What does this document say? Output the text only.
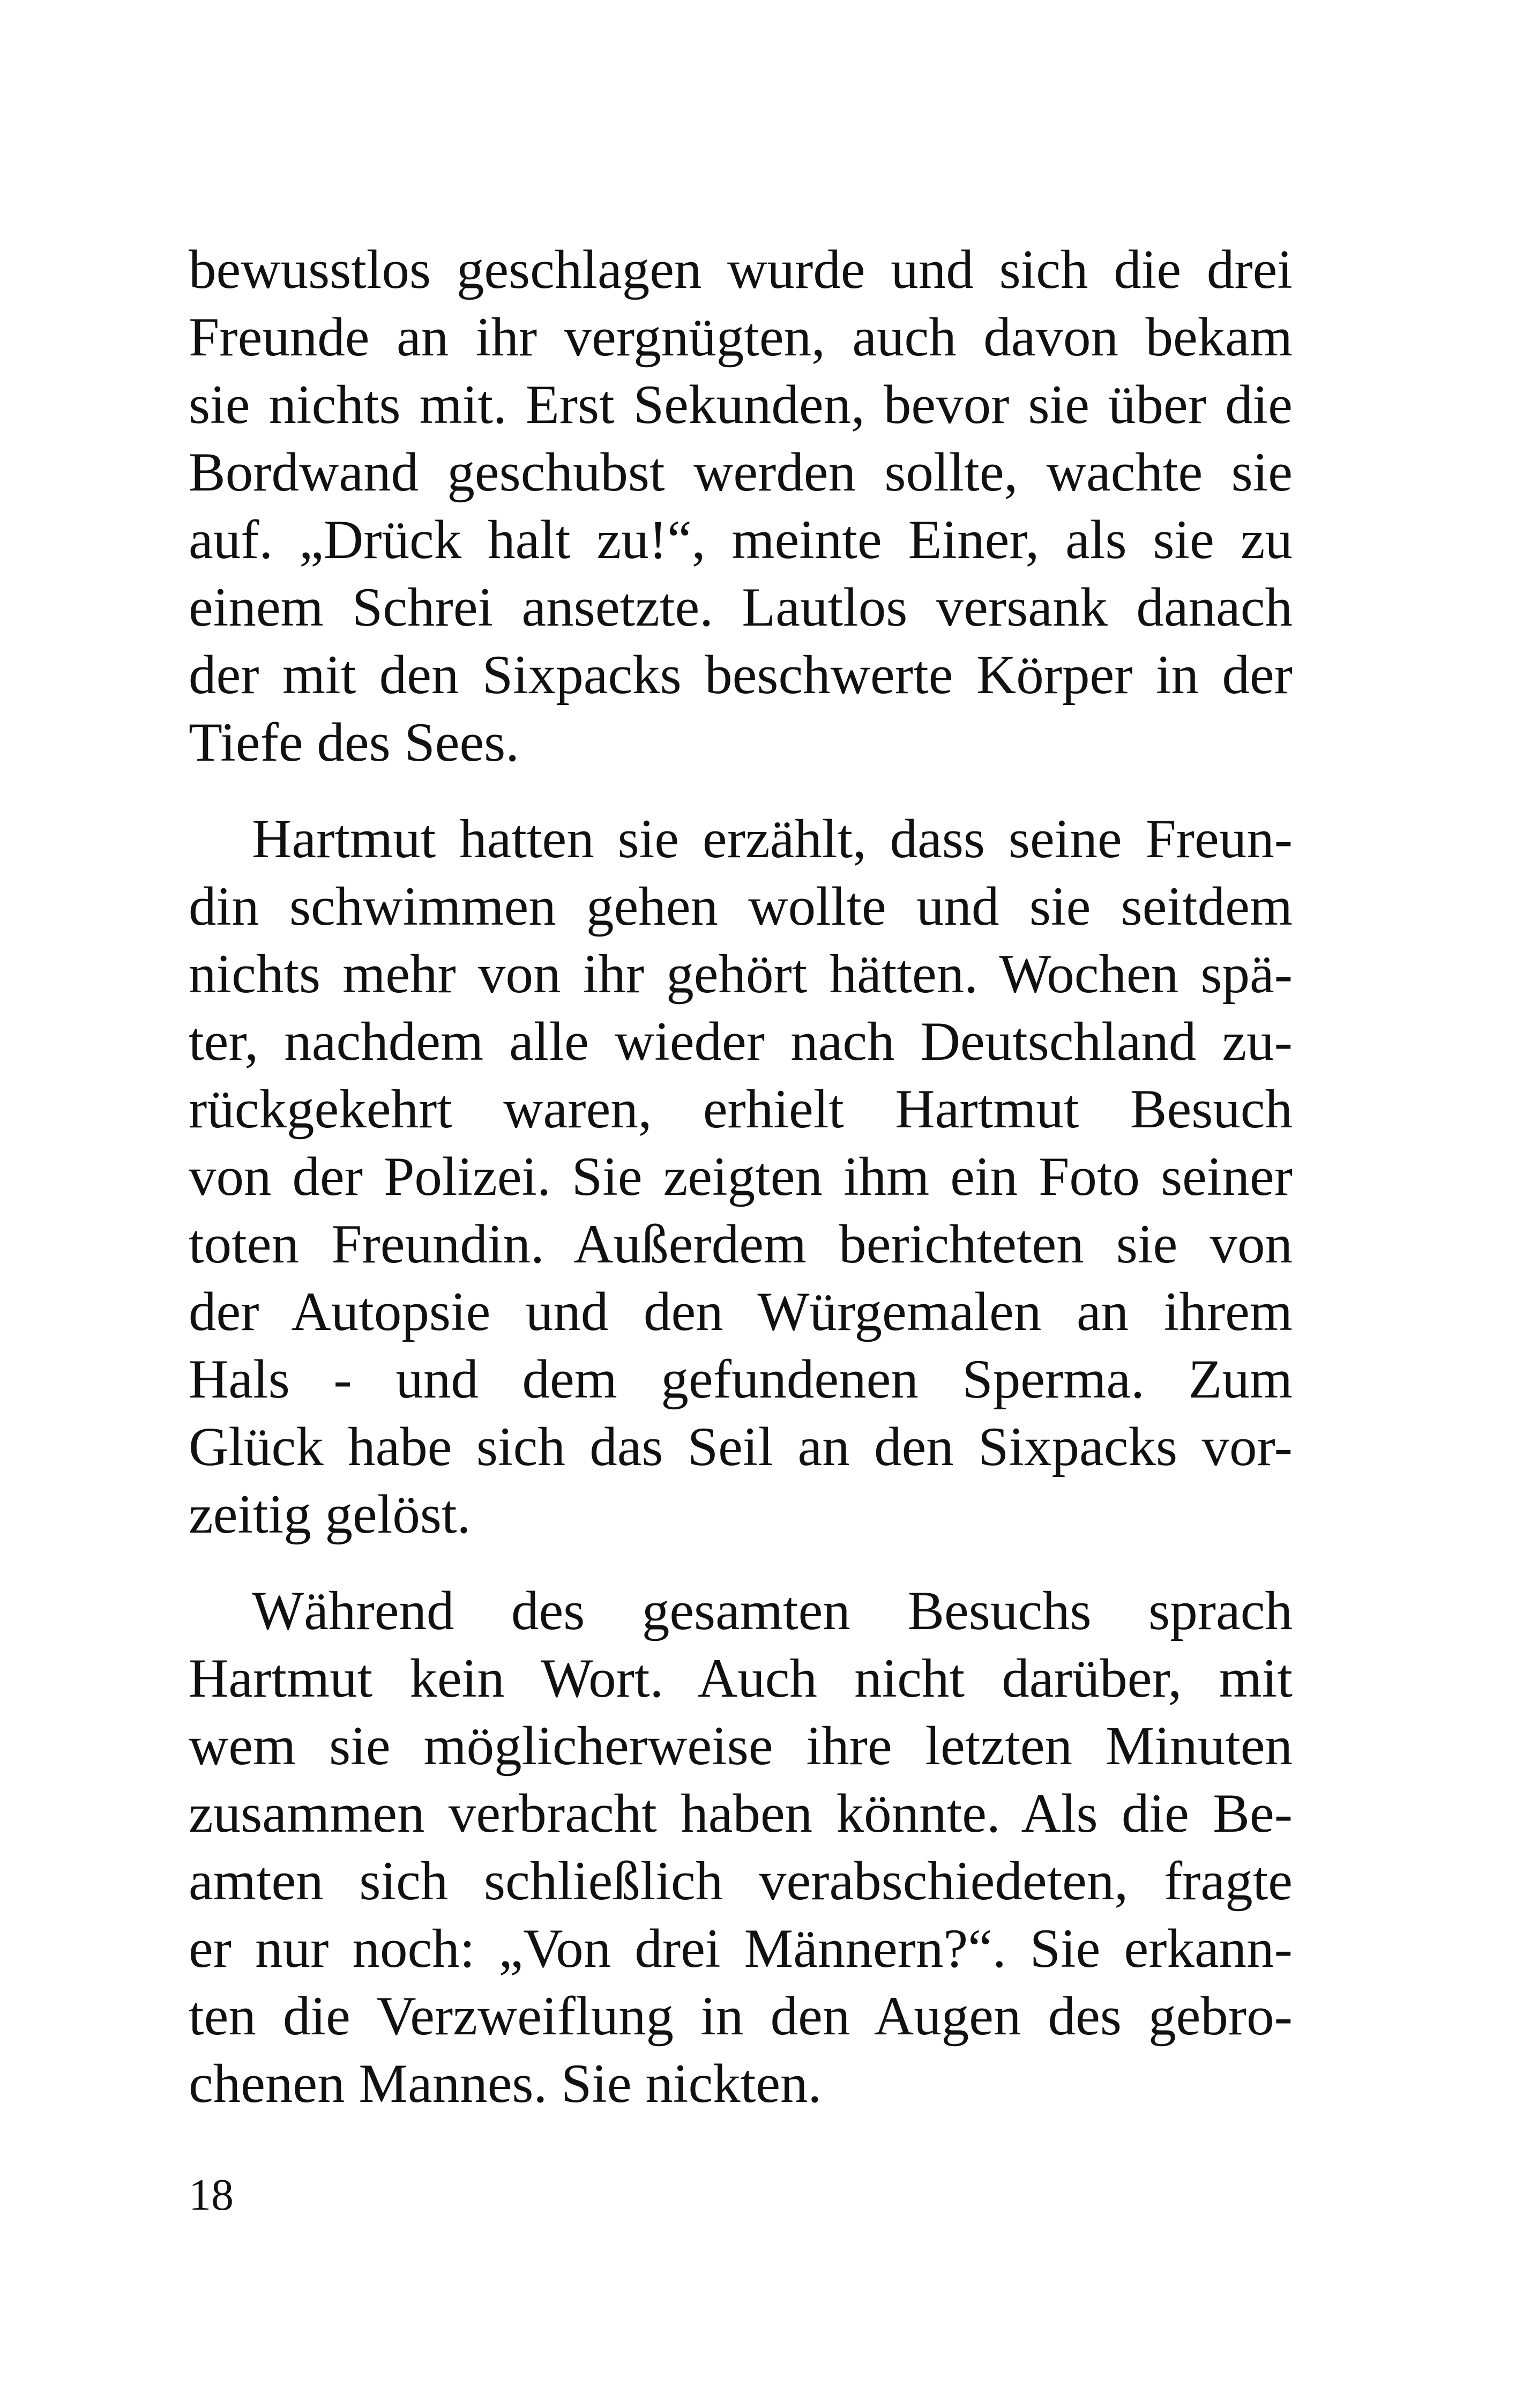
bewusstlos geschlagen wurde und sich die drei
Freunde an ihr vergnügten, auch davon bekam
sie nichts mit. Erst Sekunden, bevor sie über die
Bordwand geschubst werden sollte, wachte sie
auf. „Drück halt zu!“, meinte Einer, als sie zu
einem Schrei ansetzte. Lautlos versank danach
der mit den Sixpacks beschwerte Körper in der
Tiefe des Sees.

Hartmut hatten sie erzählt, dass seine Freun-
din schwimmen gehen wollte und sie seitdem
nichts mehr von ihr gehört hätten. Wochen spä-
ter, nachdem alle wieder nach Deutschland zu-
rückgekehrt waren, erhielt Hartmut Besuch
von der Polizei. Sie zeigten ihm ein Foto seiner
toten Freundin. Außerdem berichteten sie von
der Autopsie und den Würgemalen an ihrem
Hals - und dem gefundenen Sperma. Zum
Glück habe sich das Seil an den Sixpacks vor-
zeitig gelöst.

Während des gesamten Besuchs sprach
Hartmut kein Wort. Auch nicht darüber, mit
wem sie möglicherweise ihre letzten Minuten
zusammen verbracht haben könnte. Als die Be-
amten sich schließlich verabschiedeten, fragte
er nur noch: „Von drei Männern?“. Sie erkann-
ten die Verzweiflung in den Augen des gebro-
chenen Mannes. Sie nickten.

18
